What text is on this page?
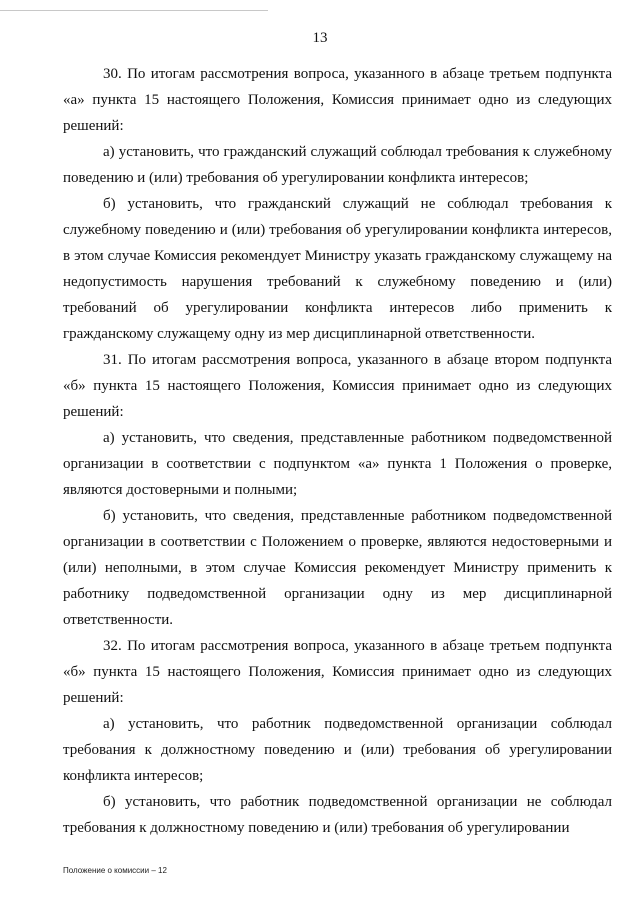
13

30. По итогам рассмотрения вопроса, указанного в абзаце третьем подпункта «а» пункта 15 настоящего Положения, Комиссия принимает одно из следующих решений:

а) установить, что гражданский служащий соблюдал требования к служебному поведению и (или) требования об урегулировании конфликта интересов;

б) установить, что гражданский служащий не соблюдал требования к служебному поведению и (или) требования об урегулировании конфликта интересов, в этом случае Комиссия рекомендует Министру указать гражданскому служащему на недопустимость нарушения требований к служебному поведению и (или) требований об урегулировании конфликта интересов либо применить к гражданскому служащему одну из мер дисциплинарной ответственности.

31. По итогам рассмотрения вопроса, указанного в абзаце втором подпункта «б» пункта 15 настоящего Положения, Комиссия принимает одно из следующих решений:

а) установить, что сведения, представленные работником подведомственной организации в соответствии с подпунктом «а» пункта 1 Положения о проверке, являются достоверными и полными;

б) установить, что сведения, представленные работником подведомственной организации в соответствии с Положением о проверке, являются недостоверными и (или) неполными, в этом случае Комиссия рекомендует Министру применить к работнику подведомственной организации одну из мер дисциплинарной ответственности.

32. По итогам рассмотрения вопроса, указанного в абзаце третьем подпункта «б» пункта 15 настоящего Положения, Комиссия принимает одно из следующих решений:

а) установить, что работник подведомственной организации соблюдал требования к должностному поведению и (или) требования об урегулировании конфликта интересов;

б) установить, что работник подведомственной организации не соблюдал требования к должностному поведению и (или) требования об урегулировании

Положение о комиссии – 12
